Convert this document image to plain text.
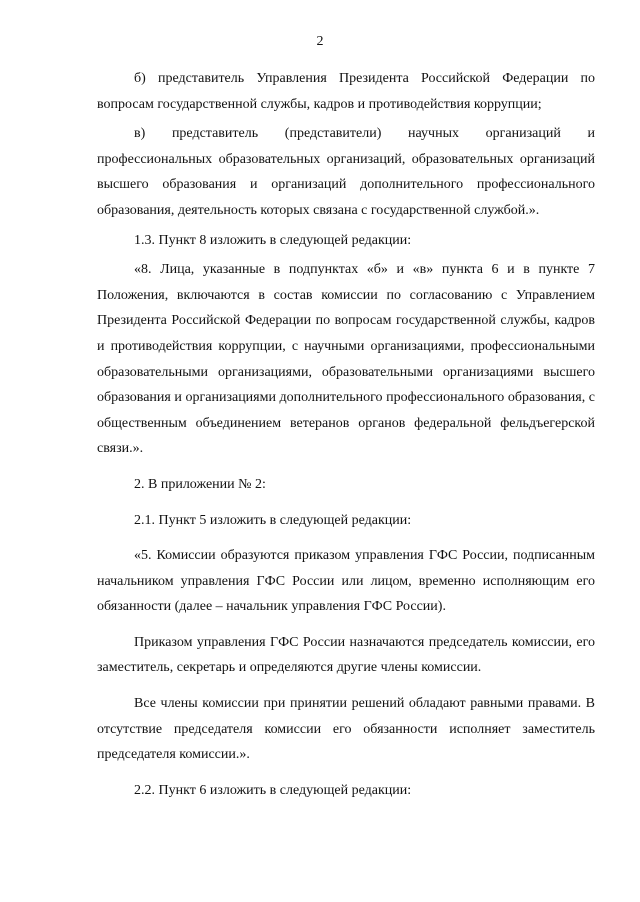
2

б) представитель Управления Президента Российской Федерации по вопросам государственной службы, кадров и противодействия коррупции;

в) представитель (представители) научных организаций и профессиональных образовательных организаций, образовательных организаций высшего образования и организаций дополнительного профессионального образования, деятельность которых связана с государственной службой.».

1.3. Пункт 8 изложить в следующей редакции:

«8. Лица, указанные в подпунктах «б» и «в» пункта 6 и в пункте 7 Положения, включаются в состав комиссии по согласованию с Управлением Президента Российской Федерации по вопросам государственной службы, кадров и противодействия коррупции, с научными организациями, профессиональными образовательными организациями, образовательными организациями высшего образования и организациями дополнительного профессионального образования, с общественным объединением ветеранов органов федеральной фельдъегерской связи.».

2. В приложении № 2:

2.1. Пункт 5 изложить в следующей редакции:

«5. Комиссии образуются приказом управления ГФС России, подписанным начальником управления ГФС России или лицом, временно исполняющим его обязанности (далее – начальник управления ГФС России).

Приказом управления ГФС России назначаются председатель комиссии, его заместитель, секретарь и определяются другие члены комиссии.

Все члены комиссии при принятии решений обладают равными правами. В отсутствие председателя комиссии его обязанности исполняет заместитель председателя комиссии.».

2.2. Пункт 6 изложить в следующей редакции:
